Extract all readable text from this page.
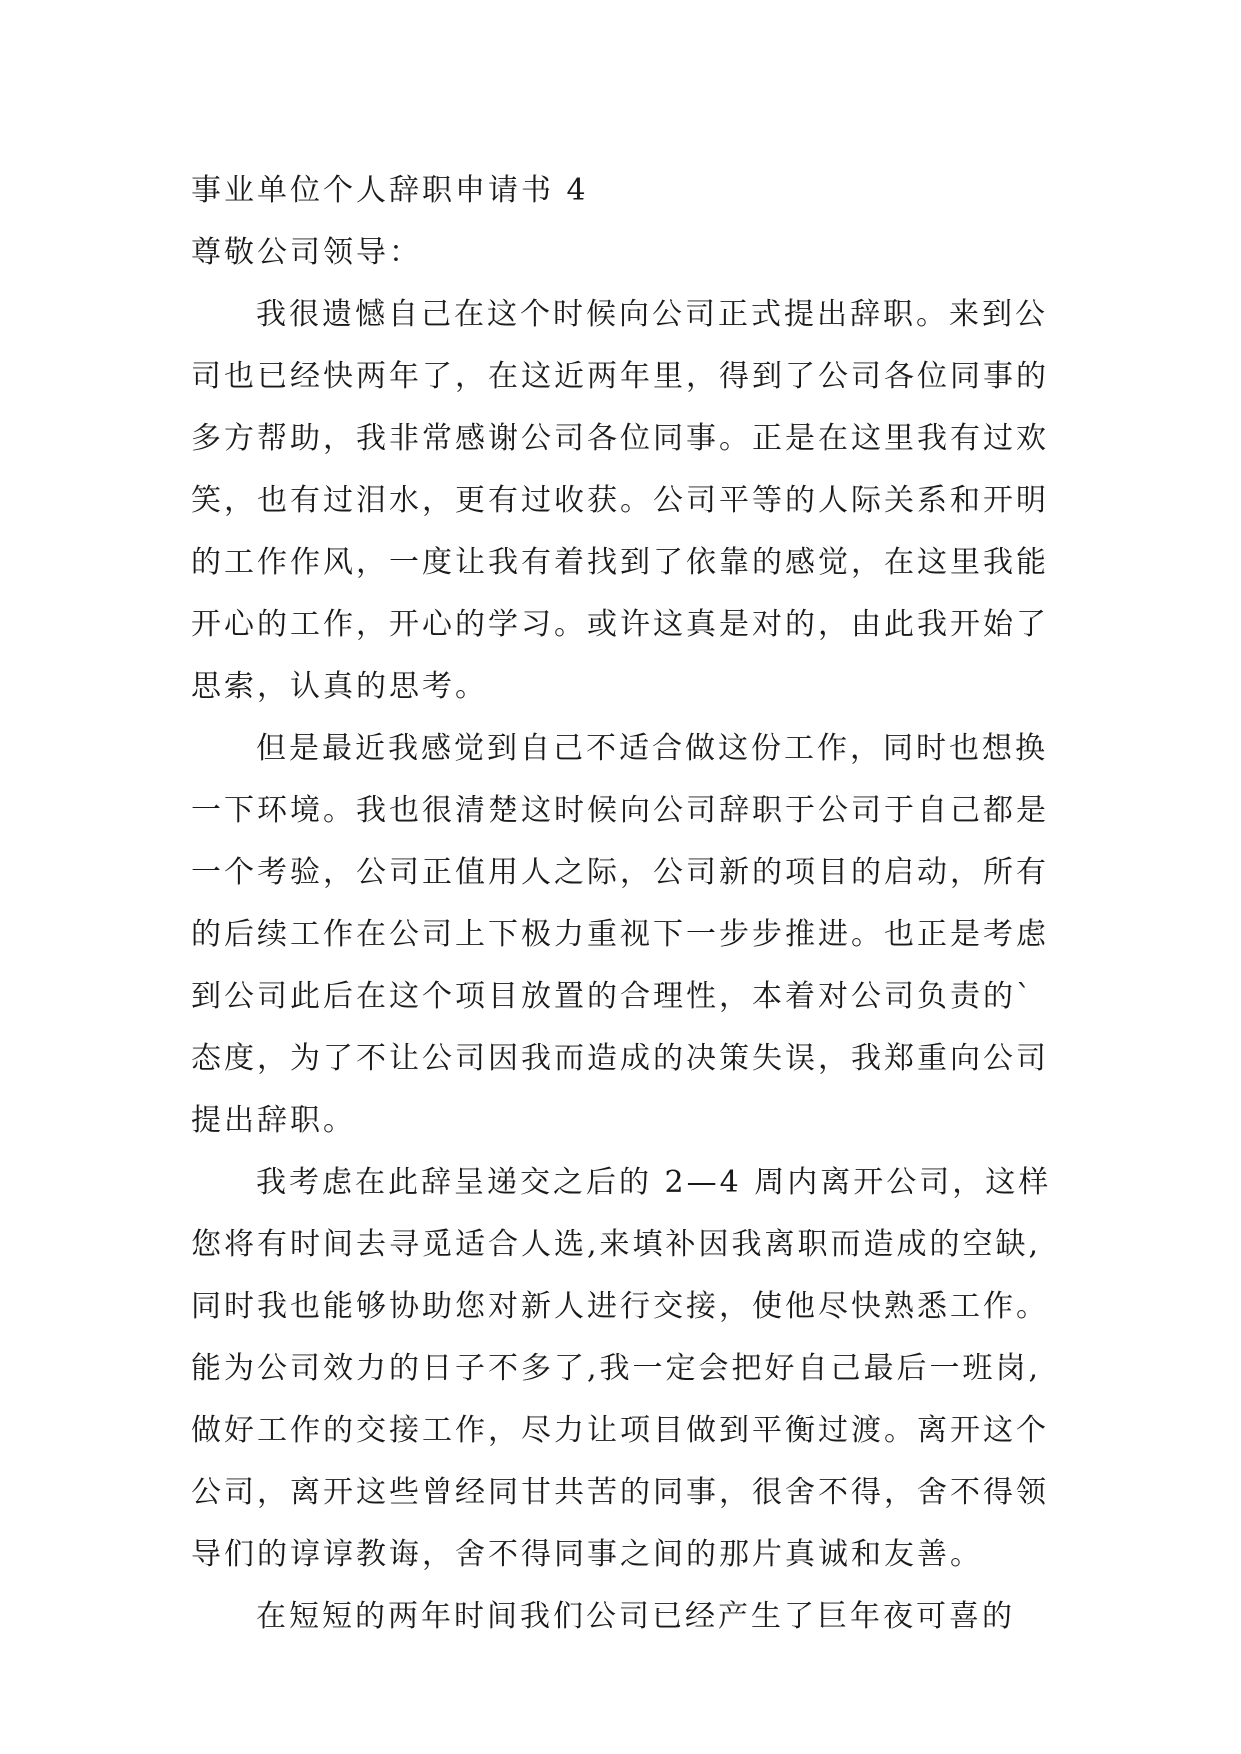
事业单位个人辞职申请书 4
尊敬公司领导：
我很遗憾自己在这个时候向公司正式提出辞职。来到公
司也已经快两年了，在这近两年里，得到了公司各位同事的
多方帮助，我非常感谢公司各位同事。正是在这里我有过欢
笑，也有过泪水，更有过收获。公司平等的人际关系和开明
的工作作风，一度让我有着找到了依靠的感觉，在这里我能
开心的工作，开心的学习。或许这真是对的，由此我开始了
思索，认真的思考。
但是最近我感觉到自己不适合做这份工作，同时也想换
一下环境。我也很清楚这时候向公司辞职于公司于自己都是
一个考验，公司正值用人之际，公司新的项目的启动，所有
的后续工作在公司上下极力重视下一步步推进。也正是考虑
到公司此后在这个项目放置的合理性，本着对公司负责的`
态度，为了不让公司因我而造成的决策失误，我郑重向公司
提出辞职。
我考虑在此辞呈递交之后的 2—4 周内离开公司，这样
您将有时间去寻觅适合人选,来填补因我离职而造成的空缺,
同时我也能够协助您对新人进行交接，使他尽快熟悉工作。
能为公司效力的日子不多了,我一定会把好自己最后一班岗,
做好工作的交接工作，尽力让项目做到平衡过渡。离开这个
公司，离开这些曾经同甘共苦的同事，很舍不得，舍不得领
导们的谆谆教诲，舍不得同事之间的那片真诚和友善。
在短短的两年时间我们公司已经产生了巨年夜可喜的
